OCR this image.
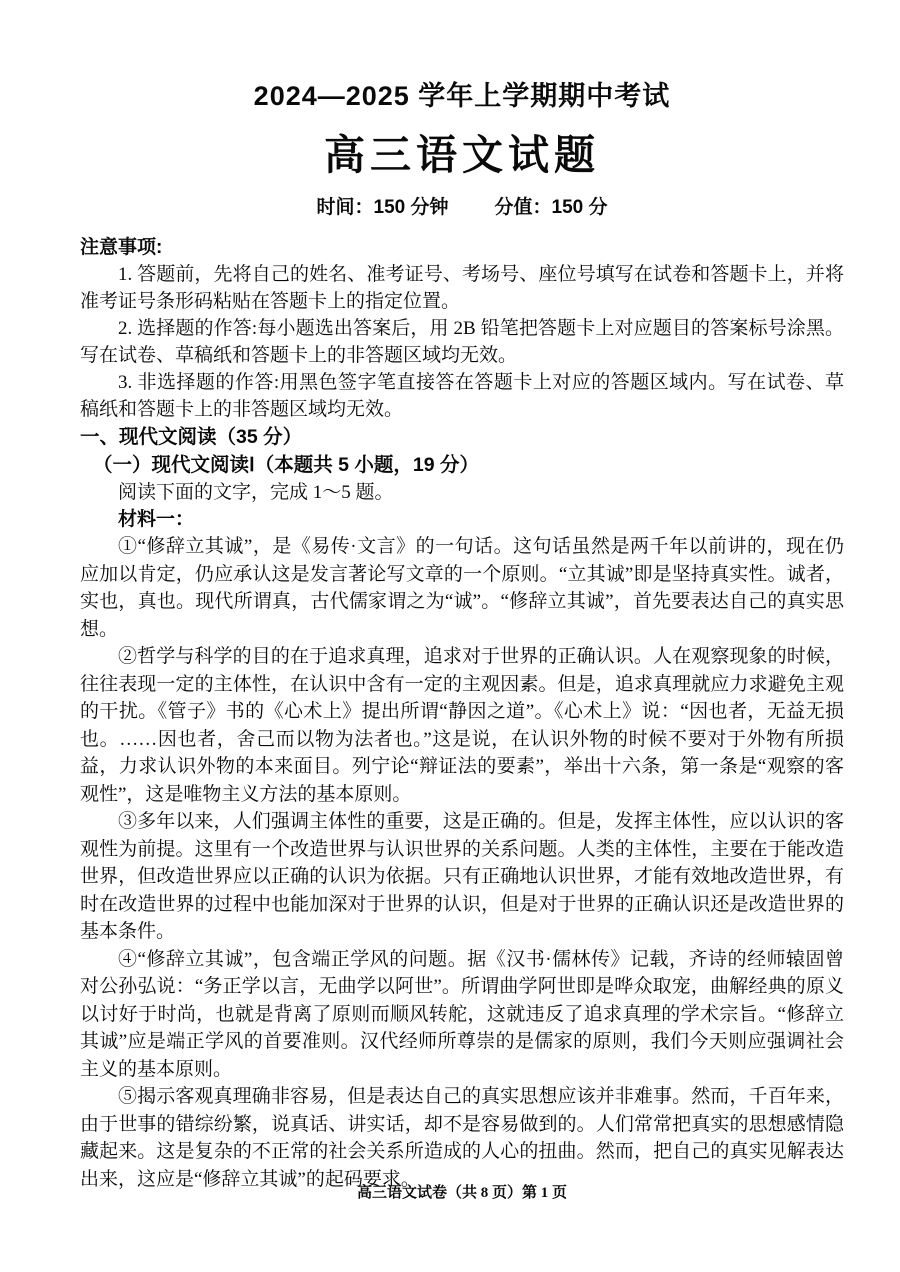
2024—2025 学年上学期期中考试
高三语文试题
时间：150 分钟 分值：150 分
注意事项:

1. 答题前，先将自己的姓名、准考证号、考场号、座位号填写在试卷和答题卡上，并将准考证号条形码粘贴在答题卡上的指定位置。

2. 选择题的作答:每小题选出答案后，用 2B 铅笔把答题卡上对应题目的答案标号涂黑。写在试卷、草稿纸和答题卡上的非答题区域均无效。

3. 非选择题的作答:用黑色签字笔直接答在答题卡上对应的答题区域内。写在试卷、草稿纸和答题卡上的非答题区域均无效。

一、现代文阅读（35 分）
（一）现代文阅读Ⅰ（本题共 5 小题，19 分）
阅读下面的文字，完成 1～5 题。
材料一：

①“修辞立其诚”，是《易传·文言》的一句话。这句话虽然是两千年以前讲的，现在仍应加以肯定，仍应承认这是发言著论写文章的一个原则。“立其诚”即是坚持真实性。诚者，实也，真也。现代所谓真，古代儒家谓之为“诚”。“修辞立其诚”，首先要表达自己的真实思想。

②哲学与科学的目的在于追求真理，追求对于世界的正确认识。人在观察现象的时候，往往表现一定的主体性，在认识中含有一定的主观因素。但是，追求真理就应力求避免主观的干扰。《管子》书的《心术上》提出所谓“静因之道”。《心术上》说：“因也者，无益无损也。……因也者，舍己而以物为法者也。”这是说，在认识外物的时候不要对于外物有所损益，力求认识外物的本来面目。列宁论“辩证法的要素”，举出十六条，第一条是“观察的客观性”，这是唯物主义方法的基本原则。

③多年以来，人们强调主体性的重要，这是正确的。但是，发挥主体性，应以认识的客观性为前提。这里有一个改造世界与认识世界的关系问题。人类的主体性，主要在于能改造世界，但改造世界应以正确的认识为依据。只有正确地认识世界，才能有效地改造世界，有时在改造世界的过程中也能加深对于世界的认识，但是对于世界的正确认识还是改造世界的基本条件。

④“修辞立其诚”，包含端正学风的问题。据《汉书·儒林传》记载，齐诗的经师辕固曾对公孙弘说：“务正学以言，无曲学以阿世”。所谓曲学阿世即是哗众取宠，曲解经典的原义以讨好于时尚，也就是背离了原则而顺风转舵，这就违反了追求真理的学术宗旨。“修辞立其诚”应是端正学风的首要准则。汉代经师所尊崇的是儒家的原则，我们今天则应强调社会主义的基本原则。

⑤揭示客观真理确非容易，但是表达自己的真实思想应该并非难事。然而，千百年来，由于世事的错综纷繁，说真话、讲实话，却不是容易做到的。人们常常把真实的思想感情隐藏起来。这是复杂的不正常的社会关系所造成的人心的扭曲。然而，把自己的真实见解表达出来，这应是“修辞立其诚”的起码要求。

高三语文试卷（共 8 页）第 1 页
